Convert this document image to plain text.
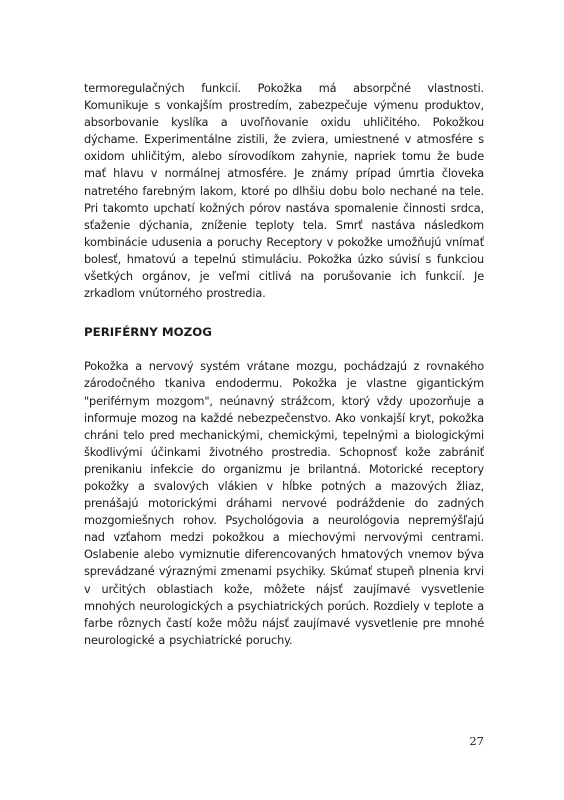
termoregulačných funkcií. Pokožka má absorpčné vlastnosti. Komunikuje s vonkajším prostredím, zabezpečuje výmenu produktov, absorbovanie kyslíka a uvoľňovanie oxidu uhličitého. Pokožkou dýchame. Experimentálne zistili, že zviera, umiestnené v atmosfére s oxidom uhličitým, alebo sírovodíkom zahynie, napriek tomu že bude mať hlavu v normálnej atmosfére. Je známy prípad úmrtia človeka natretého farebným lakom, ktoré po dlhšiu dobu bolo nechané na tele. Pri takomto upchatí kožných pórov nastáva spomalenie činnosti srdca, sťaženie dýchania, zníženie teploty tela. Smrť nastáva následkom kombinácie udusenia a poruchy Receptory v pokožke umožňujú vnímať bolesť, hmatovú a tepelnú stimuláciu. Pokožka úzko súvisí s funkciou všetkých orgánov, je veľmi citlivá na porušovanie ich funkcií. Je zrkadlom vnútorného prostredia.

PERIFÉRNY MOZOG

Pokožka a nervový systém vrátane mozgu, pochádzajú z rovnakého zárodočného tkaniva endodermu. Pokožka je vlastne gigantickým "periférnym mozgom", neúnavný strážcom, ktorý vždy upozorňuje a informuje mozog na každé nebezpečenstvo. Ako vonkajší kryt, pokožka chráni telo pred mechanickými, chemickými, tepelnými a biologickými škodlivými účinkami životného prostredia. Schopnosť kože zabrániť prenikaniu infekcie do organizmu je brilantná. Motorické receptory pokožky a svalových vlákien v hĺbke potných a mazových žliaz, prenášajú motorickými dráhami nervové podráždenie do zadných mozgomiešnych rohov. Psychológovia a neurológovia nepremýšľajú nad vzťahom medzi pokožkou a miechovými nervovými centrami. Oslabenie alebo vymiznutie diferencovaných hmatových vnemov býva sprevádzané výraznými zmenami psychiky. Skúmať stupeň plnenia krvi v určitých oblastiach kože, môžete nájsť zaujímavé vysvetlenie mnohých neurologických a psychiatrických porúch. Rozdiely v teplote a farbe rôznych častí kože môžu nájsť zaujímavé vysvetlenie pre mnohé neurologické a psychiatrické poruchy.

27
